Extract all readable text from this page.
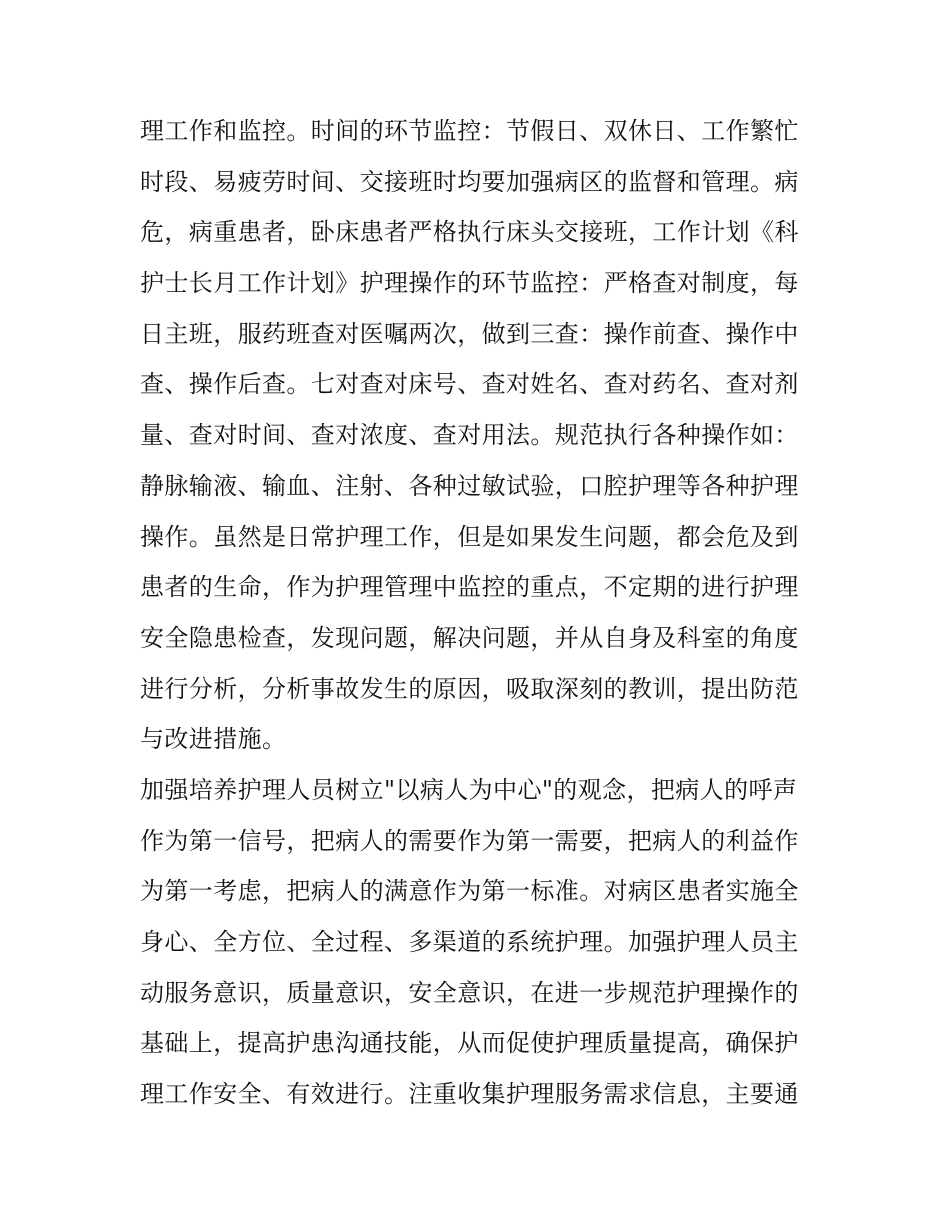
理工作和监控。时间的环节监控：节假日、双休日、工作繁忙
时段、易疲劳时间、交接班时均要加强病区的监督和管理。病
危，病重患者，卧床患者严格执行床头交接班，工作计划《科
护士长月工作计划》护理操作的环节监控：严格查对制度，每
日主班，服药班查对医嘱两次，做到三查：操作前查、操作中
查、操作后查。七对查对床号、查对姓名、查对药名、查对剂
量、查对时间、查对浓度、查对用法。规范执行各种操作如：
静脉输液、输血、注射、各种过敏试验，口腔护理等各种护理
操作。虽然是日常护理工作，但是如果发生问题，都会危及到
患者的生命，作为护理管理中监控的重点，不定期的进行护理
安全隐患检查，发现问题，解决问题，并从自身及科室的角度
进行分析，分析事故发生的原因，吸取深刻的教训，提出防范
与改进措施。
加强培养护理人员树立"以病人为中心"的观念，把病人的呼声
作为第一信号，把病人的需要作为第一需要，把病人的利益作
为第一考虑，把病人的满意作为第一标准。对病区患者实施全
身心、全方位、全过程、多渠道的系统护理。加强护理人员主
动服务意识，质量意识，安全意识，在进一步规范护理操作的
基础上，提高护患沟通技能，从而促使护理质量提高，确保护
理工作安全、有效进行。注重收集护理服务需求信息，主要通
